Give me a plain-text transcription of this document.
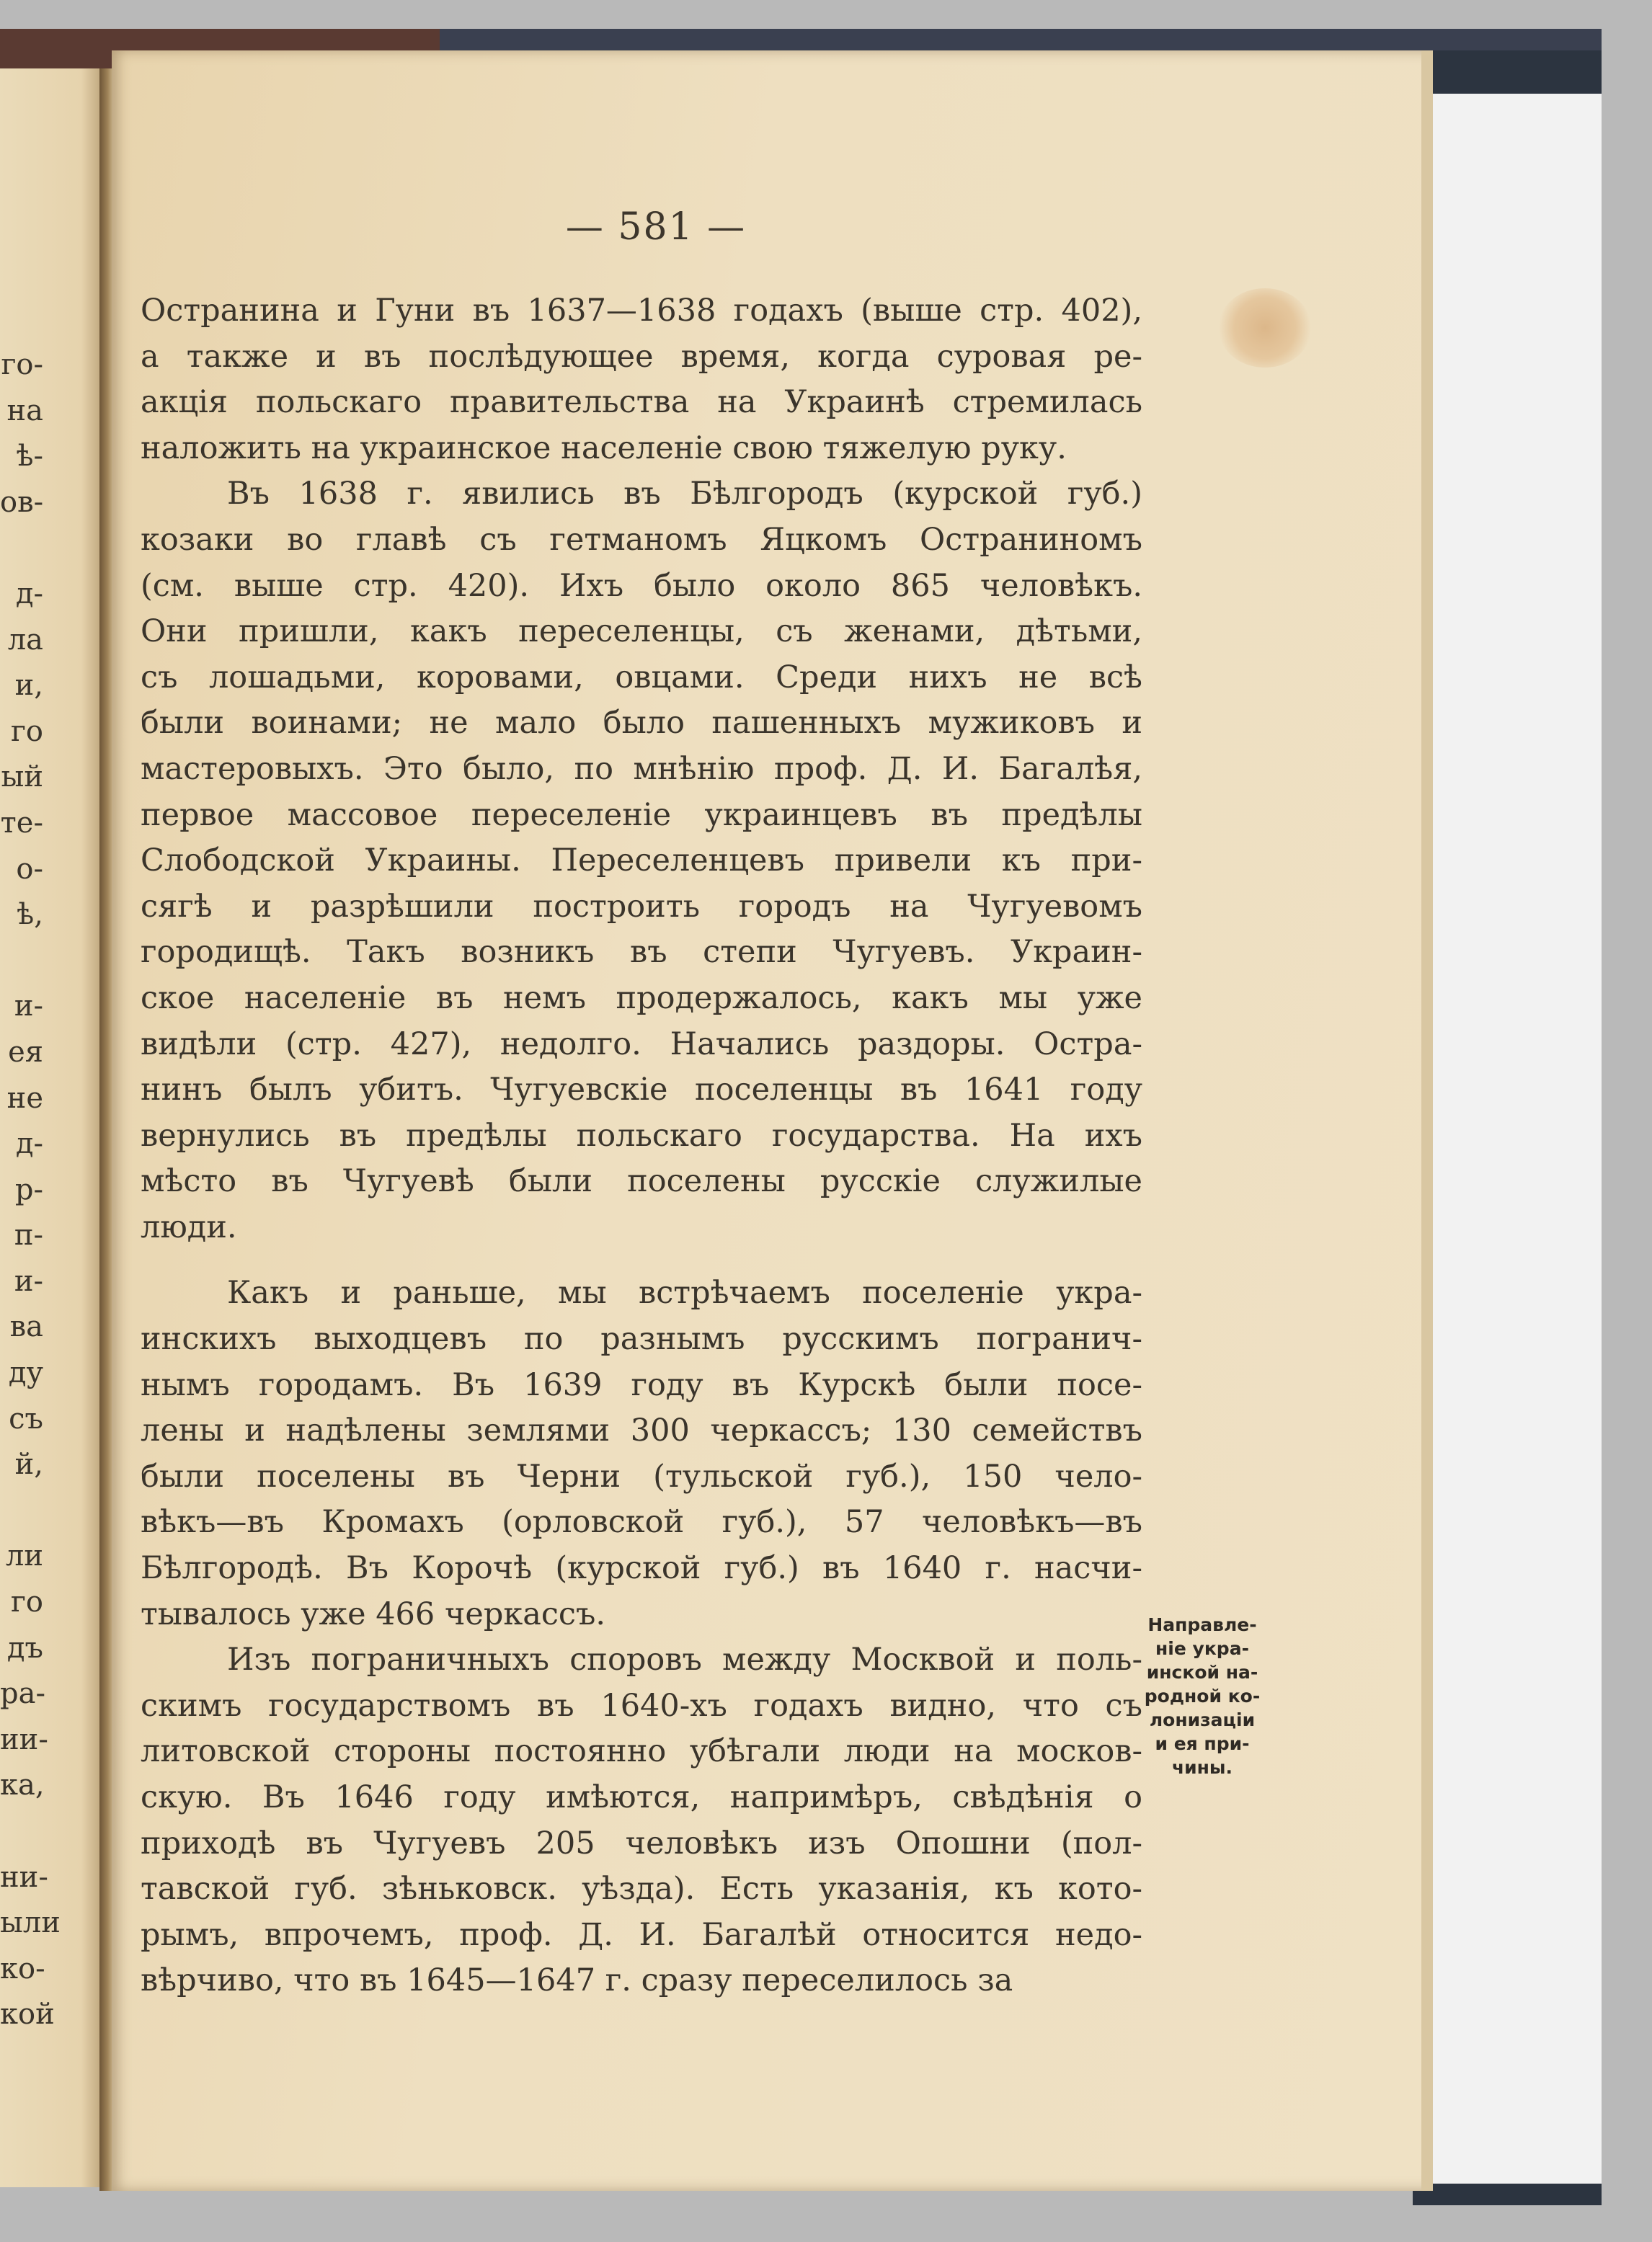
го-
на
ѣ-
ов-
д-
ла
и,
го
ый
те-
о-
ѣ,
и-
ея
не
д-
р-
п-
и-
ва
ду
съ
й,
ли
го
дъ
ра-
ии-
ка,
ни-
ыли
ко-
кой
— 581 —
Остранина и Гуни въ 1637—1638 годахъ (выше стр. 402),
а также и въ послѣдующее время, когда суровая ре-
акція польскаго правительства на Украинѣ стремилась
наложить на украинское населеніе свою тяжелую руку.
Въ 1638 г. явились въ Бѣлгородъ (курской губ.)
козаки во главѣ съ гетманомъ Яцкомъ Остраниномъ
(см. выше стр. 420). Ихъ было около 865 человѣкъ.
Они пришли, какъ переселенцы, съ женами, дѣтьми,
съ лошадьми, коровами, овцами. Среди нихъ не всѣ
были воинами; не мало было пашенныхъ мужиковъ и
мастеровыхъ. Это было, по мнѣнію проф. Д. И. Багалѣя,
первое массовое переселеніе украинцевъ въ предѣлы
Слободской Украины. Переселенцевъ привели къ при-
сягѣ и разрѣшили построить городъ на Чугуевомъ
городищѣ. Такъ возникъ въ степи Чугуевъ. Украин-
ское населеніе въ немъ продержалось, какъ мы уже
видѣли (стр. 427), недолго. Начались раздоры. Остра-
нинъ былъ убитъ. Чугуевскіе поселенцы въ 1641 году
вернулись въ предѣлы польскаго государства. На ихъ
мѣсто въ Чугуевѣ были поселены русскіе служилые
люди.
Какъ и раньше, мы встрѣчаемъ поселеніе укра-
инскихъ выходцевъ по разнымъ русскимъ погранич-
нымъ городамъ. Въ 1639 году въ Курскѣ были посе-
лены и надѣлены землями 300 черкассъ; 130 семействъ
были поселены въ Черни (тульской губ.), 150 чело-
вѣкъ—въ Кромахъ (орловской губ.), 57 человѣкъ—въ
Бѣлгородѣ. Въ Корочѣ (курской губ.) въ 1640 г. насчи-
тывалось уже 466 черкассъ.
Изъ пограничныхъ споровъ между Москвой и поль-
скимъ государствомъ въ 1640-хъ годахъ видно, что съ
литовской стороны постоянно убѣгали люди на москов-
скую. Въ 1646 году имѣются, напримѣръ, свѣдѣнія о
приходѣ въ Чугуевъ 205 человѣкъ изъ Опошни (пол-
тавской губ. зѣньковск. уѣзда). Есть указанія, къ кото-
рымъ, впрочемъ, проф. Д. И. Багалѣй относится недо-
вѣрчиво, что въ 1645—1647 г. сразу переселилось за
Направле-
ніе укра-
инской на-
родной ко-
лонизаціи
и ея при-
чины.
